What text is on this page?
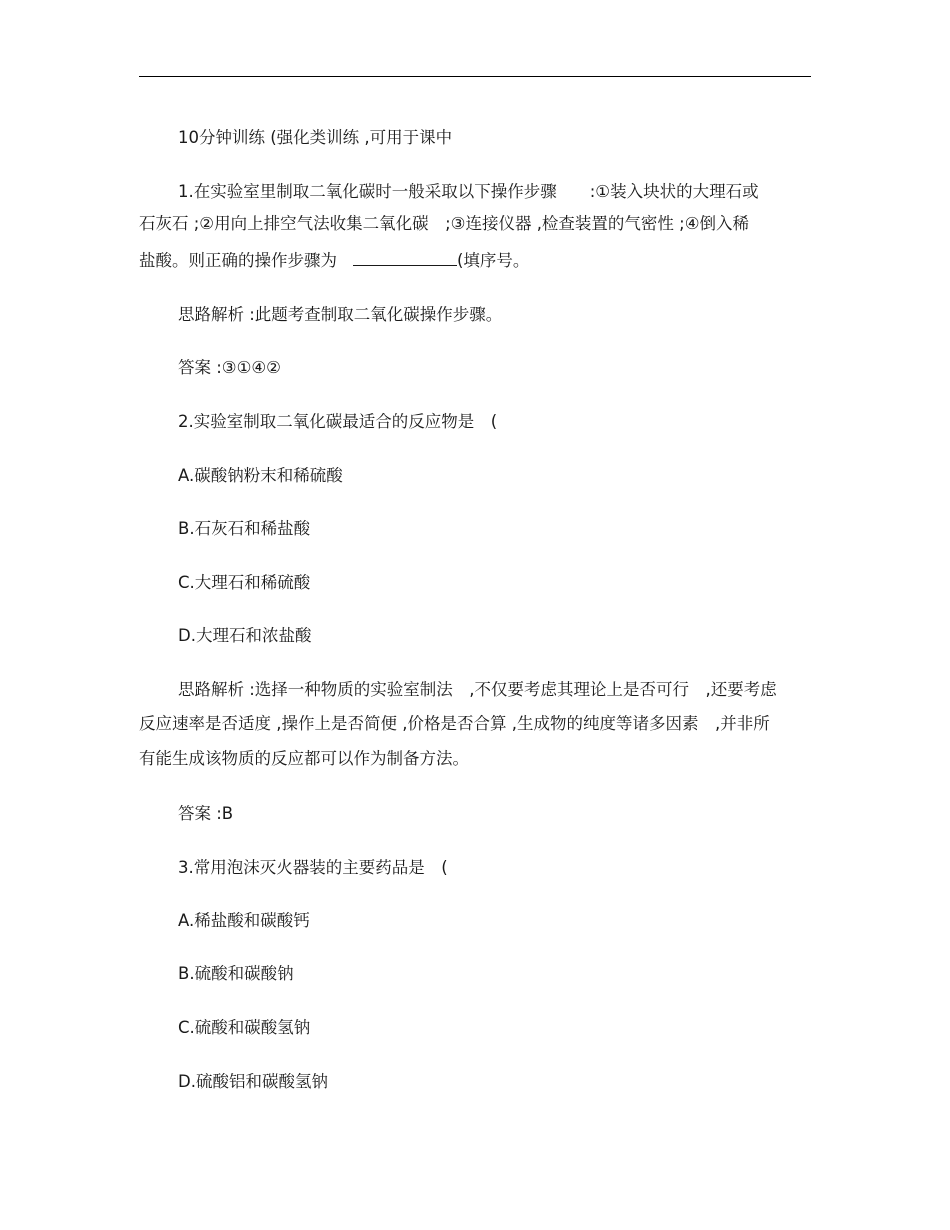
10分钟训练 (强化类训练 ,可用于课中
1.在实验室里制取二氧化碳时一般采取以下操作步骤　　:①装入块状的大理石或
石灰石 ;②用向上排空气法收集二氧化碳　;③连接仪器 ,检查装置的气密性 ;④倒入稀
盐酸。则正确的操作步骤为	(填序号。
思路解析 :此题考查制取二氧化碳操作步骤。
答案 :③①④②
2.实验室制取二氧化碳最适合的反应物是　(
A.碳酸钠粉末和稀硫酸
B.石灰石和稀盐酸
C.大理石和稀硫酸
D.大理石和浓盐酸
思路解析 :选择一种物质的实验室制法　,不仅要考虑其理论上是否可行　,还要考虑
反应速率是否适度 ,操作上是否简便 ,价格是否合算 ,生成物的纯度等诸多因素　,并非所
有能生成该物质的反应都可以作为制备方法。
答案 :B
3.常用泡沫灭火器装的主要药品是　(
A.稀盐酸和碳酸钙
B.硫酸和碳酸钠
C.硫酸和碳酸氢钠
D.硫酸铝和碳酸氢钠
